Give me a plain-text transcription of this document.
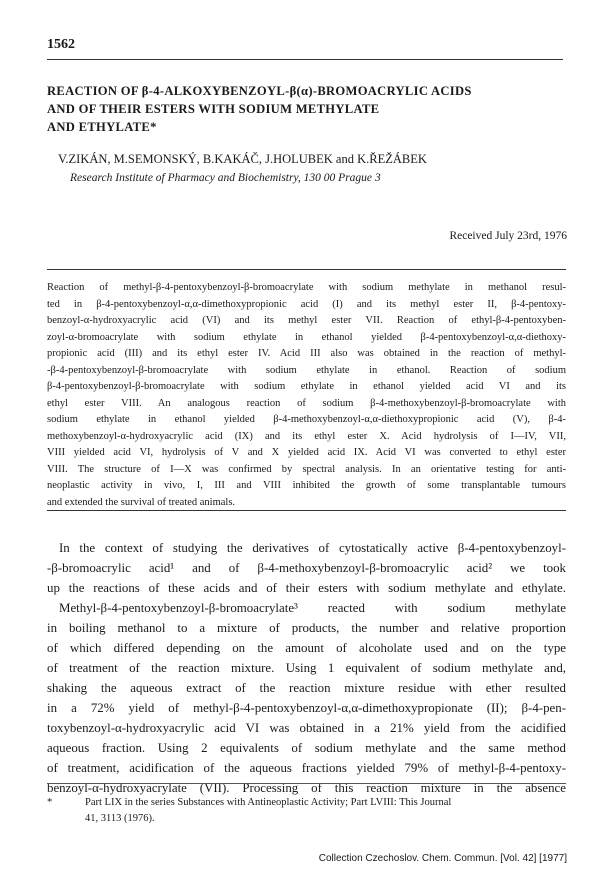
1562
REACTION OF β-4-ALKOXYBENZOYL-β(α)-BROMOACRYLIC ACIDS
AND OF THEIR ESTERS WITH SODIUM METHYLATE
AND ETHYLATE*
V.ZIKÁN, M.SEMONSKÝ, B.KAKÁČ, J.HOLUBEK and K.ŘEŽÁBEK
Research Institute of Pharmacy and Biochemistry, 130 00 Prague 3
Received July 23rd, 1976
Reaction of methyl-β-4-pentoxybenzoyl-β-bromoacrylate with sodium methylate in methanol resul-
ted in β-4-pentoxybenzoyl-α,α-dimethoxypropionic acid (I) and its methyl ester II, β-4-pentoxy-
benzoyl-α-hydroxyacrylic acid (VI) and its methyl ester VII. Reaction of ethyl-β-4-pentoxyben-
zoyl-α-bromoacrylate with sodium ethylate in ethanol yielded β-4-pentoxybenzoyl-α,α-diethoxy-
propionic acid (III) and its ethyl ester IV. Acid III also was obtained in the reaction of methyl-
-β-4-pentoxybenzoyl-β-bromoacrylate with sodium ethylate in ethanol. Reaction of sodium
β-4-pentoxybenzoyl-β-bromoacrylate with sodium ethylate in ethanol yielded acid VI and its
ethyl ester VIII. An analogous reaction of sodium β-4-methoxybenzoyl-β-bromoacrylate with
sodium ethylate in ethanol yielded β-4-methoxybenzoyl-α,α-diethoxypropionic acid (V), β-4-
methoxybenzoyl-α-hydroxyacrylic acid (IX) and its ethyl ester X. Acid hydrolysis of I—IV, VII,
VIII yielded acid VI, hydrolysis of V and X yielded acid IX. Acid VI was converted to ethyl ester
VIII. The structure of I—X was confirmed by spectral analysis. In an orientative testing for anti-
neoplastic activity in vivo, I, III and VIII inhibited the growth of some transplantable tumours
and extended the survival of treated animals.
In the context of studying the derivatives of cytostatically active β-4-pentoxybenzoyl-
-β-bromoacrylic acid¹ and of β-4-methoxybenzoyl-β-bromoacrylic acid² we took
up the reactions of these acids and of their esters with sodium methylate and ethylate.
Methyl-β-4-pentoxybenzoyl-β-bromoacrylate³ reacted with sodium methylate
in boiling methanol to a mixture of products, the number and relative proportion
of which differed depending on the amount of alcoholate used and on the type
of treatment of the reaction mixture. Using 1 equivalent of sodium methylate and,
shaking the aqueous extract of the reaction mixture residue with ether resulted
in a 72% yield of methyl-β-4-pentoxybenzoyl-α,α-dimethoxypropionate (II); β-4-pen-
toxybenzoyl-α-hydroxyacrylic acid VI was obtained in a 21% yield from the acidified
aqueous fraction. Using 2 equivalents of sodium methylate and the same method
of treatment, acidification of the aqueous fractions yielded 79% of methyl-β-4-pentoxy-
benzoyl-α-hydroxyacrylate (VII). Processing of this reaction mixture in the absence
*	Part LIX in the series Substances with Antineoplastic Activity; Part LVIII: This Journal
41, 3113 (1976).
Collection Czechoslov. Chem. Commun. [Vol. 42] [1977]
